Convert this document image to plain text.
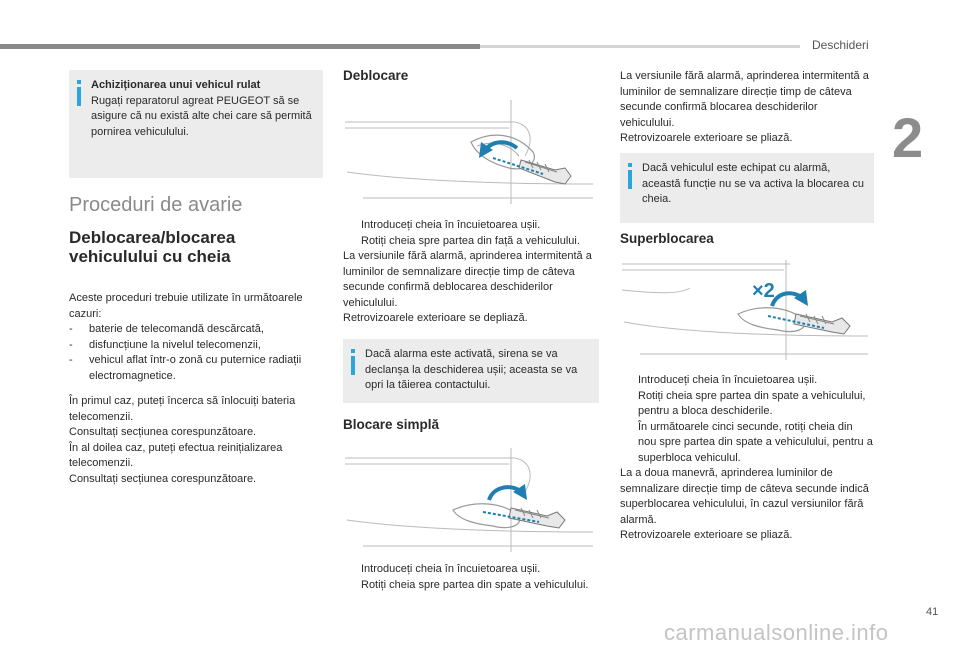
Deschideri
2
Achiziționarea unui vehicul rulat
Rugați reparatorul agreat PEUGEOT să se asigure că nu există alte chei care să permită pornirea vehiculului.
Proceduri de avarie
Deblocarea/blocarea
vehiculului cu cheia
Aceste proceduri trebuie utilizate în următoarele cazuri:
- baterie de telecomandă descărcată,
- disfuncțiune la nivelul telecomenzii,
- vehicul aflat într-o zonă cu puternice radiații electromagnetice.
În primul caz, puteți încerca să înlocuiți bateria telecomenzii.
Consultați secțiunea corespunzătoare.
În al doilea caz, puteți efectua reinițializarea telecomenzii.
Consultați secțiunea corespunzătoare.
Deblocare
Introduceți cheia în încuietoarea ușii.
Rotiți cheia spre partea din față a vehiculului.
La versiunile fără alarmă, aprinderea intermitentă a luminilor de semnalizare direcție timp de câteva secunde confirmă deblocarea deschiderilor vehiculului.
Retrovizoarele exterioare se depliază.
Dacă alarma este activată, sirena se va declanșa la deschiderea ușii; aceasta se va opri la tăierea contactului.
Blocare simplă
Introduceți cheia în încuietoarea ușii.
Rotiți cheia spre partea din spate a vehiculului.
La versiunile fără alarmă, aprinderea intermitentă a luminilor de semnalizare direcție timp de câteva secunde confirmă blocarea deschiderilor vehiculului.
Retrovizoarele exterioare se pliază.
Dacă vehiculul este echipat cu alarmă, această funcție nu se va activa la blocarea cu cheia.
Superblocarea
×2
Introduceți cheia în încuietoarea ușii.
Rotiți cheia spre partea din spate a vehiculului, pentru a bloca deschiderile.
În următoarele cinci secunde, rotiți cheia din nou spre partea din spate a vehiculului, pentru a superbloca vehiculul.
La a doua manevră, aprinderea luminilor de semnalizare direcție timp de câteva secunde indică superblocarea vehiculului, în cazul versiunilor fără alarmă.
Retrovizoarele exterioare se pliază.
41
carmanualsonline.info
